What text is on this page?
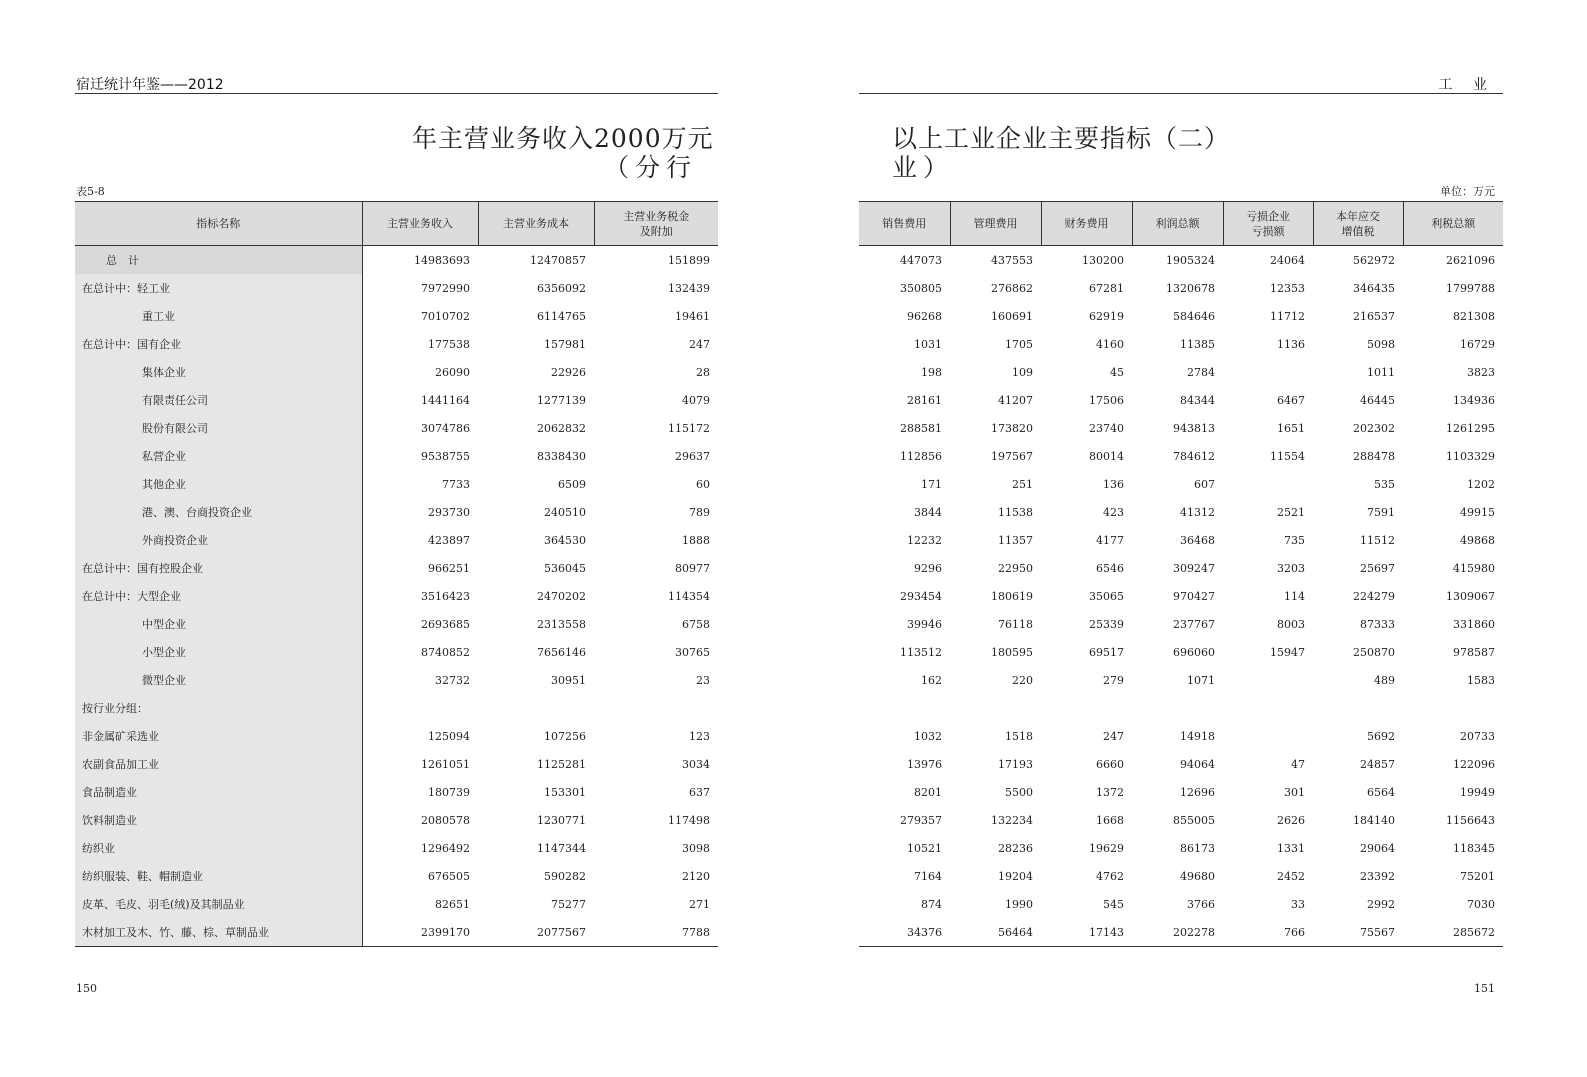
宿迁统计年鉴——2012
年主营业务收入2000万元
（分行
表5-8
指标名称	主营业务收入	主营业务成本	主营业务税金
及附加
总　计	14983693	12470857	151899
在总计中：轻工业	7972990	6356092	132439
重工业	7010702	6114765	19461
在总计中：国有企业	177538	157981	247
集体企业	26090	22926	28
有限责任公司	1441164	1277139	4079
股份有限公司	3074786	2062832	115172
私营企业	9538755	8338430	29637
其他企业	7733	6509	60
港、澳、台商投资企业	293730	240510	789
外商投资企业	423897	364530	1888
在总计中：国有控股企业	966251	536045	80977
在总计中：大型企业	3516423	2470202	114354
中型企业	2693685	2313558	6758
小型企业	8740852	7656146	30765
微型企业	32732	30951	23
按行业分组：			
非金属矿采选业	125094	107256	123
农副食品加工业	1261051	1125281	3034
食品制造业	180739	153301	637
饮料制造业	2080578	1230771	117498
纺织业	1296492	1147344	3098
纺织服装、鞋、帽制造业	676505	590282	2120
皮革、毛皮、羽毛(绒)及其制品业	82651	75277	271
木材加工及木、竹、藤、棕、草制品业	2399170	2077567	7788
150
工 业
以上工业企业主要指标（二）
业）
单位：万元
销售费用	管理费用	财务费用	利润总额	亏损企业
亏损额	本年应交
增值税	利税总额
447073	437553	130200	1905324	24064	562972	2621096
350805	276862	67281	1320678	12353	346435	1799788
96268	160691	62919	584646	11712	216537	821308
1031	1705	4160	11385	1136	5098	16729
198	109	45	2784		1011	3823
28161	41207	17506	84344	6467	46445	134936
288581	173820	23740	943813	1651	202302	1261295
112856	197567	80014	784612	11554	288478	1103329
171	251	136	607		535	1202
3844	11538	423	41312	2521	7591	49915
12232	11357	4177	36468	735	11512	49868
9296	22950	6546	309247	3203	25697	415980
293454	180619	35065	970427	114	224279	1309067
39946	76118	25339	237767	8003	87333	331860
113512	180595	69517	696060	15947	250870	978587
162	220	279	1071		489	1583

1032	1518	247	14918		5692	20733
13976	17193	6660	94064	47	24857	122096
8201	5500	1372	12696	301	6564	19949
279357	132234	1668	855005	2626	184140	1156643
10521	28236	19629	86173	1331	29064	118345
7164	19204	4762	49680	2452	23392	75201
874	1990	545	3766	33	2992	7030
34376	56464	17143	202278	766	75567	285672
151
